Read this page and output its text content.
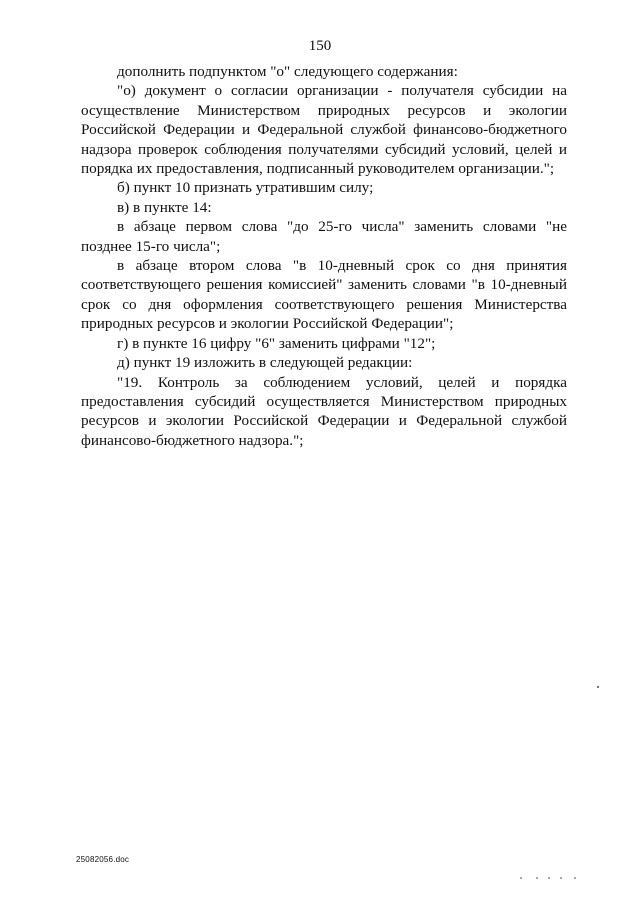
150

дополнить подпунктом "о" следующего содержания:

"о) документ о согласии организации - получателя субсидии на осуществление Министерством природных ресурсов и экологии Российской Федерации и Федеральной службой финансово-бюджетного надзора проверок соблюдения получателями субсидий условий, целей и порядка их предоставления, подписанный руководителем организации.";

б) пункт 10 признать утратившим силу;

в) в пункте 14:

в абзаце первом слова "до 25-го числа" заменить словами "не позднее 15-го числа";

в абзаце втором слова "в 10-дневный срок со дня принятия соответствующего решения комиссией" заменить словами "в 10-дневный срок со дня оформления соответствующего решения Министерства природных ресурсов и экологии Российской Федерации";

г) в пункте 16 цифру "6" заменить цифрами "12";

д) пункт 19 изложить в следующей редакции:

"19. Контроль за соблюдением условий, целей и порядка предоставления субсидий осуществляется Министерством природных ресурсов и экологии Российской Федерации и Федеральной службой финансово-бюджетного надзора.";

25082056.doc
